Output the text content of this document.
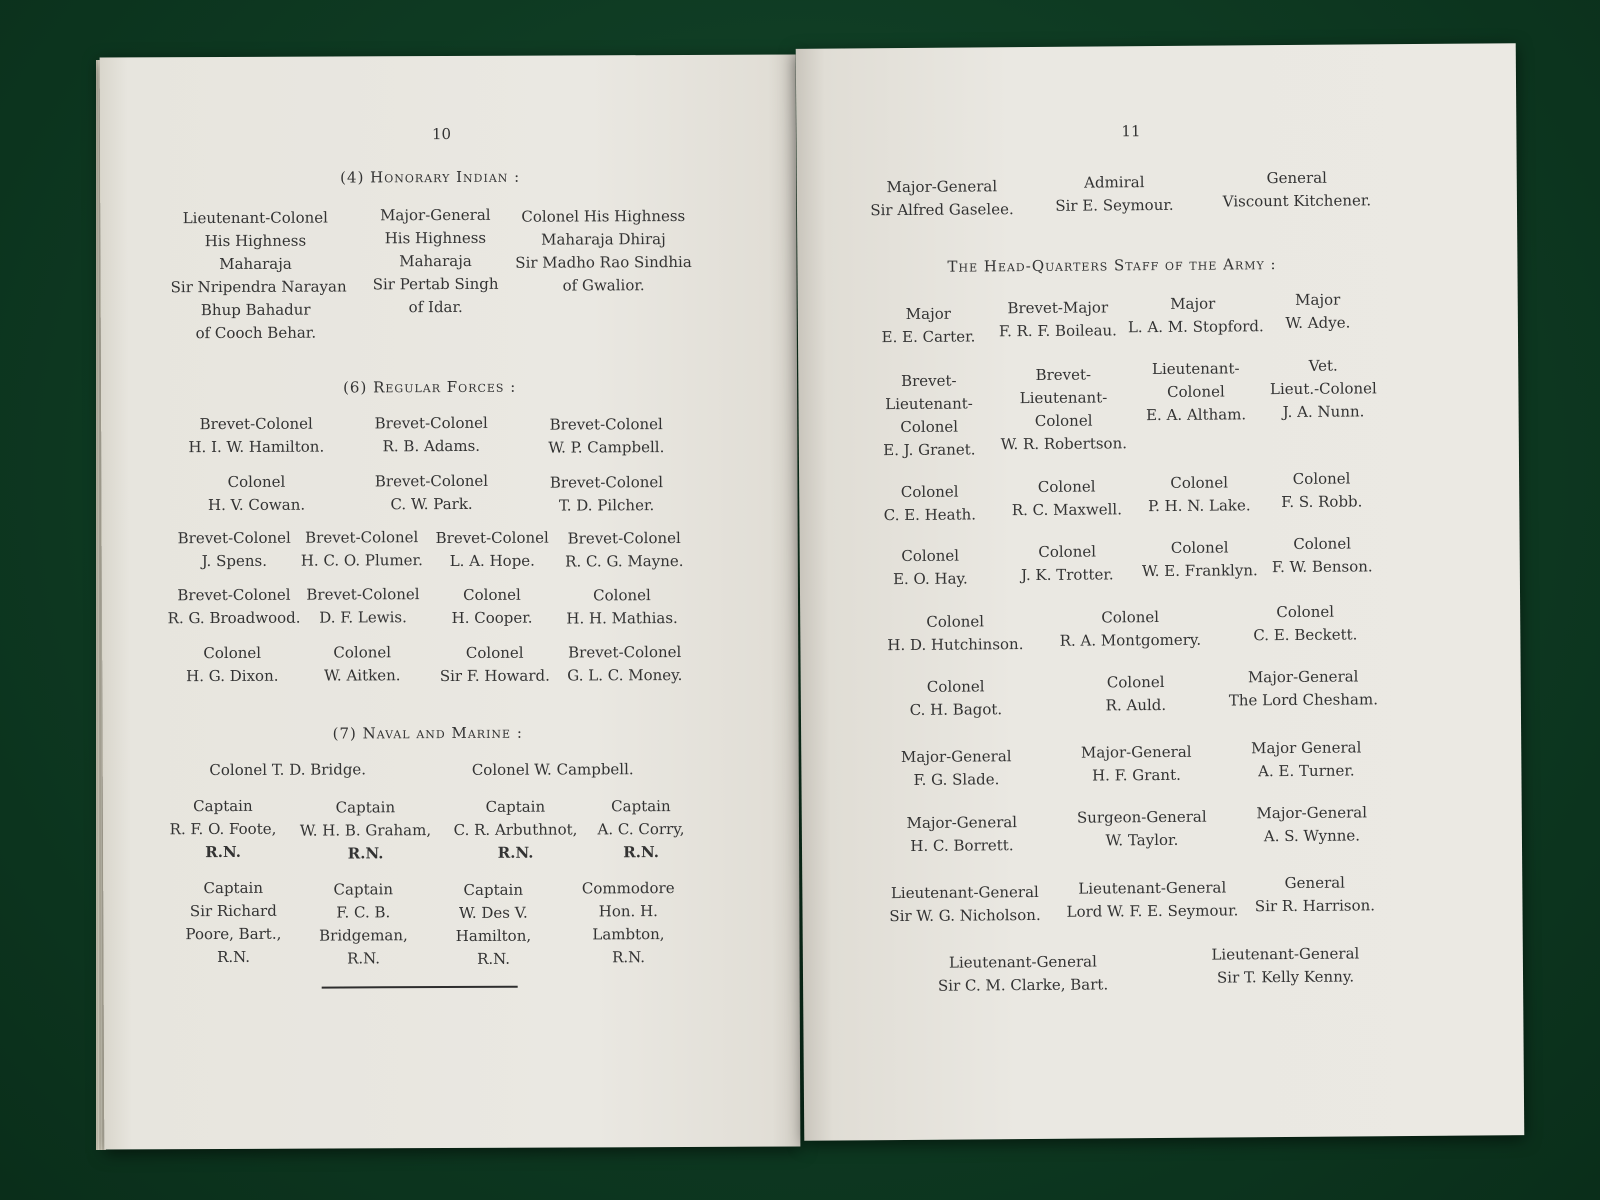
10
(4) Honorary Indian :
Lieutenant-Colonel
His Highness
Maharaja
Sir Nripendra Narayan
Bhup Bahadur
of Cooch Behar.
Major-General
His Highness
Maharaja
Sir Pertab Singh
of Idar.
Colonel His Highness
Maharaja Dhiraj
Sir Madho Rao Sindhia
of Gwalior.
(6) Regular Forces :
Brevet-Colonel
H. I. W. Hamilton.
Brevet-Colonel
R. B. Adams.
Brevet-Colonel
W. P. Campbell.
Colonel
H. V. Cowan.
Brevet-Colonel
C. W. Park.
Brevet-Colonel
T. D. Pilcher.
Brevet-Colonel
J. Spens.
Brevet-Colonel
H. C. O. Plumer.
Brevet-Colonel
L. A. Hope.
Brevet-Colonel
R. C. G. Mayne.
Brevet-Colonel
R. G. Broadwood.
Brevet-Colonel
D. F. Lewis.
Colonel
H. Cooper.
Colonel
H. H. Mathias.
Colonel
H. G. Dixon.
Colonel
W. Aitken.
Colonel
Sir F. Howard.
Brevet-Colonel
G. L. C. Money.
(7) Naval and Marine :
Colonel T. D. Bridge.	Colonel W. Campbell.
Captain
R. F. O. Foote,
R.N.
Captain
W. H. B. Graham,
R.N.
Captain
C. R. Arbuthnot,
R.N.
Captain
A. C. Corry,
R.N.
Captain
Sir Richard
Poore, Bart.,
R.N.
Captain
F. C. B.
Bridgeman,
R.N.
Captain
W. Des V.
Hamilton,
R.N.
Commodore
Hon. H.
Lambton,
R.N.
11
Major-General
Sir Alfred Gaselee.
Admiral
Sir E. Seymour.
General
Viscount Kitchener.
The Head-Quarters Staff of the Army :
Major
E. E. Carter.
Brevet-Major
F. R. F. Boileau.
Major
L. A. M. Stopford.
Major
W. Adye.
Brevet-
Lieutenant-
Colonel
E. J. Granet.
Brevet-
Lieutenant-
Colonel
W. R. Robertson.
Lieutenant-
Colonel
E. A. Altham.
Vet.
Lieut.-Colonel
J. A. Nunn.
Colonel
C. E. Heath.
Colonel
R. C. Maxwell.
Colonel
P. H. N. Lake.
Colonel
F. S. Robb.
Colonel
E. O. Hay.
Colonel
J. K. Trotter.
Colonel
W. E. Franklyn.
Colonel
F. W. Benson.
Colonel
H. D. Hutchinson.
Colonel
R. A. Montgomery.
Colonel
C. E. Beckett.
Colonel
C. H. Bagot.
Colonel
R. Auld.
Major-General
The Lord Chesham.
Major-General
F. G. Slade.
Major-General
H. F. Grant.
Major General
A. E. Turner.
Major-General
H. C. Borrett.
Surgeon-General
W. Taylor.
Major-General
A. S. Wynne.
Lieutenant-General
Sir W. G. Nicholson.
Lieutenant-General
Lord W. F. E. Seymour.
General
Sir R. Harrison.
Lieutenant-General
Sir C. M. Clarke, Bart.
Lieutenant-General
Sir T. Kelly Kenny.
